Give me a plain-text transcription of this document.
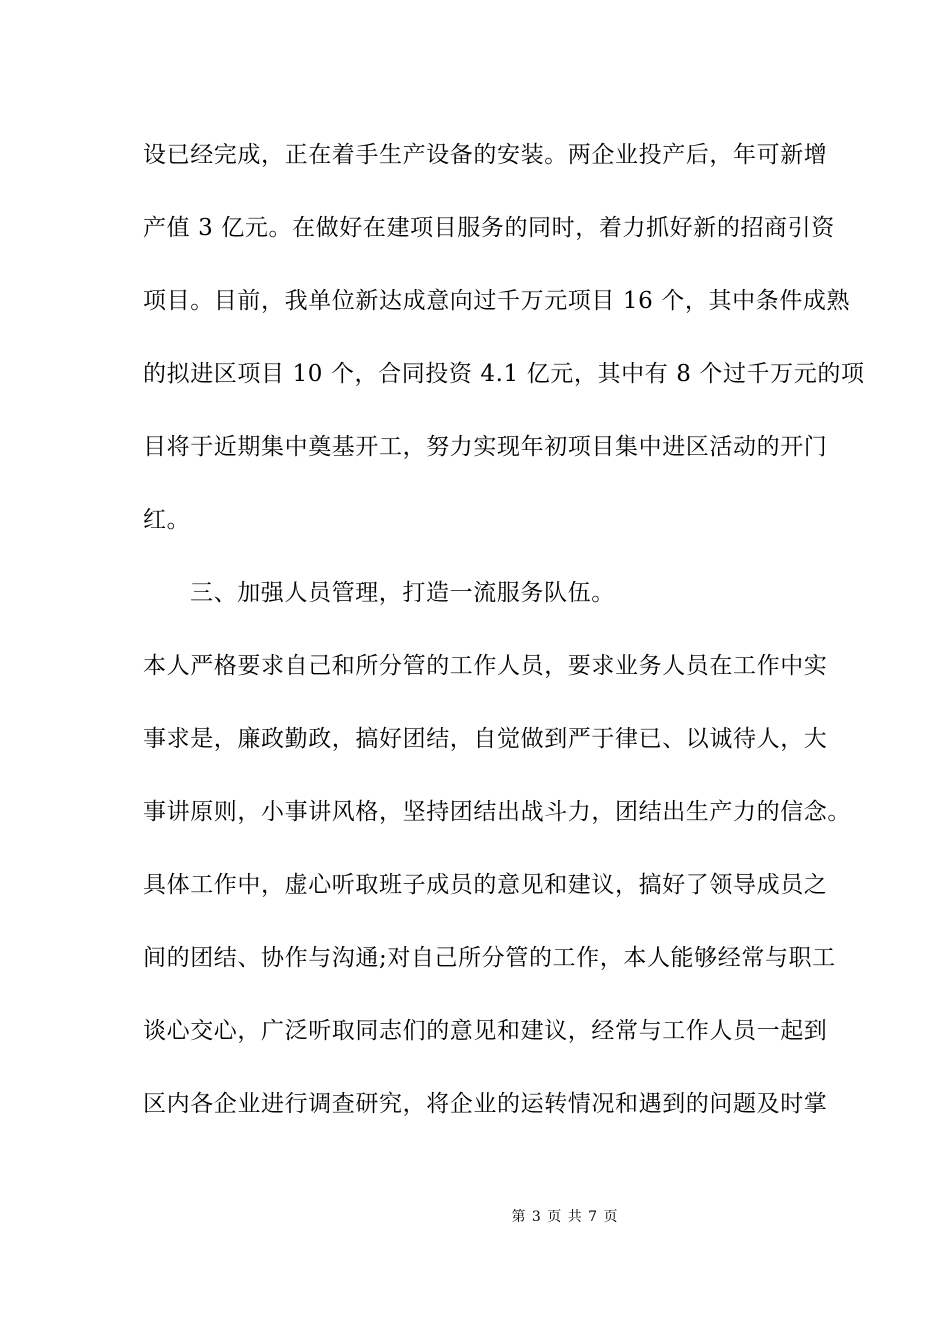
设已经完成，正在着手生产设备的安装。两企业投产后，年可新增
产值 3 亿元。在做好在建项目服务的同时，着力抓好新的招商引资
项目。目前，我单位新达成意向过千万元项目 16 个，其中条件成熟
的拟进区项目 10 个，合同投资 4.1 亿元，其中有 8 个过千万元的项
目将于近期集中奠基开工，努力实现年初项目集中进区活动的开门
红。
三、加强人员管理，打造一流服务队伍。
本人严格要求自己和所分管的工作人员，要求业务人员在工作中实
事求是，廉政勤政，搞好团结，自觉做到严于律已、以诚待人，大
事讲原则，小事讲风格，坚持团结出战斗力，团结出生产力的信念。
具体工作中，虚心听取班子成员的意见和建议，搞好了领导成员之
间的团结、协作与沟通;对自己所分管的工作，本人能够经常与职工
谈心交心，广泛听取同志们的意见和建议，经常与工作人员一起到
区内各企业进行调查研究，将企业的运转情况和遇到的问题及时掌
第 3 页 共 7 页
